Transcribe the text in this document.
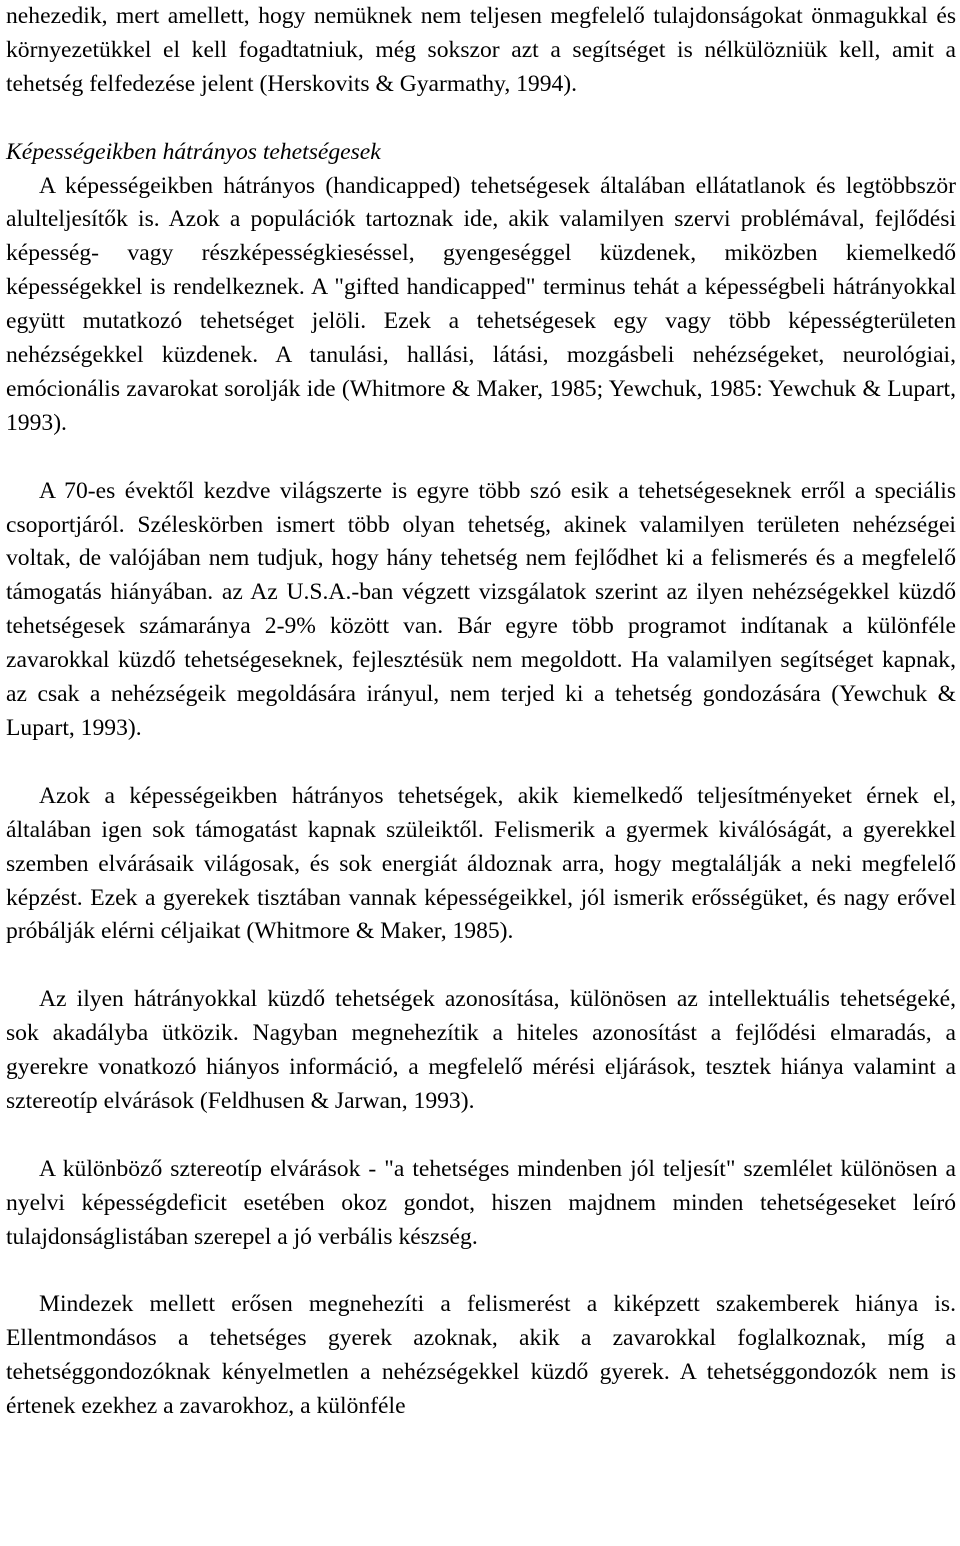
nehezedik, mert amellett, hogy nemüknek nem teljesen megfelelő tulajdonságokat önmagukkal és környezetükkel el kell fogadtatniuk, még sokszor azt a segítséget is nélkülözniük kell, amit a tehetség felfedezése jelent (Herskovits & Gyarmathy, 1994).

Képességeikben hátrányos tehetségesek

A képességeikben hátrányos (handicapped) tehetségesek általában ellátatlanok és legtöbbször alulteljesítők is. Azok a populációk tartoznak ide, akik valamilyen szervi problémával, fejlődési képesség- vagy részképességkieséssel, gyengeséggel küzdenek, miközben kiemelkedő képességekkel is rendelkeznek. A "gifted handicapped" terminus tehát a képességbeli hátrányokkal együtt mutatkozó tehetséget jelöli. Ezek a tehetségesek egy vagy több képességterületen nehézségekkel küzdenek. A tanulási, hallási, látási, mozgásbeli nehézségeket, neurológiai, emócionális zavarokat sorolják ide (Whitmore & Maker, 1985; Yewchuk, 1985: Yewchuk & Lupart, 1993).

A 70-es évektől kezdve világszerte is egyre több szó esik a tehetségeseknek erről a speciális csoportjáról. Széleskörben ismert több olyan tehetség, akinek valamilyen területen nehézségei voltak, de valójában nem tudjuk, hogy hány tehetség nem fejlődhet ki a felismerés és a megfelelő támogatás hiányában. az Az U.S.A.-ban végzett vizsgálatok szerint az ilyen nehézségekkel küzdő tehetségesek számaránya 2-9% között van. Bár egyre több programot indítanak a különféle zavarokkal küzdő tehetségeseknek, fejlesztésük nem megoldott. Ha valamilyen segítséget kapnak, az csak a nehézségeik megoldására irányul, nem terjed ki a tehetség gondozására (Yewchuk & Lupart, 1993).

Azok a képességeikben hátrányos tehetségek, akik kiemelkedő teljesítményeket érnek el, általában igen sok támogatást kapnak szüleiktől. Felismerik a gyermek kiválóságát, a gyerekkel szemben elvárásaik világosak, és sok energiát áldoznak arra, hogy megtalálják a neki megfelelő képzést. Ezek a gyerekek tisztában vannak képességeikkel, jól ismerik erősségüket, és nagy erővel próbálják elérni céljaikat (Whitmore & Maker, 1985).

Az ilyen hátrányokkal küzdő tehetségek azonosítása, különösen az intellektuális tehetségeké, sok akadályba ütközik. Nagyban megnehezítik a hiteles azonosítást a fejlődési elmaradás, a gyerekre vonatkozó hiányos információ, a megfelelő mérési eljárások, tesztek hiánya valamint a sztereotíp elvárások (Feldhusen & Jarwan, 1993).

A különböző sztereotíp elvárások - "a tehetséges mindenben jól teljesít" szemlélet különösen a nyelvi képességdeficit esetében okoz gondot, hiszen majdnem minden tehetségeseket leíró tulajdonságlistában szerepel a jó verbális készség.

Mindezek mellett erősen megnehezíti a felismerést a kiképzett szakemberek hiánya is. Ellentmondásos a tehetséges gyerek azoknak, akik a zavarokkal foglalkoznak, míg a tehetséggondozóknak kényelmetlen a nehézségekkel küzdő gyerek. A tehetséggondozók nem is értenek ezekhez a zavarokhoz, a különféle
